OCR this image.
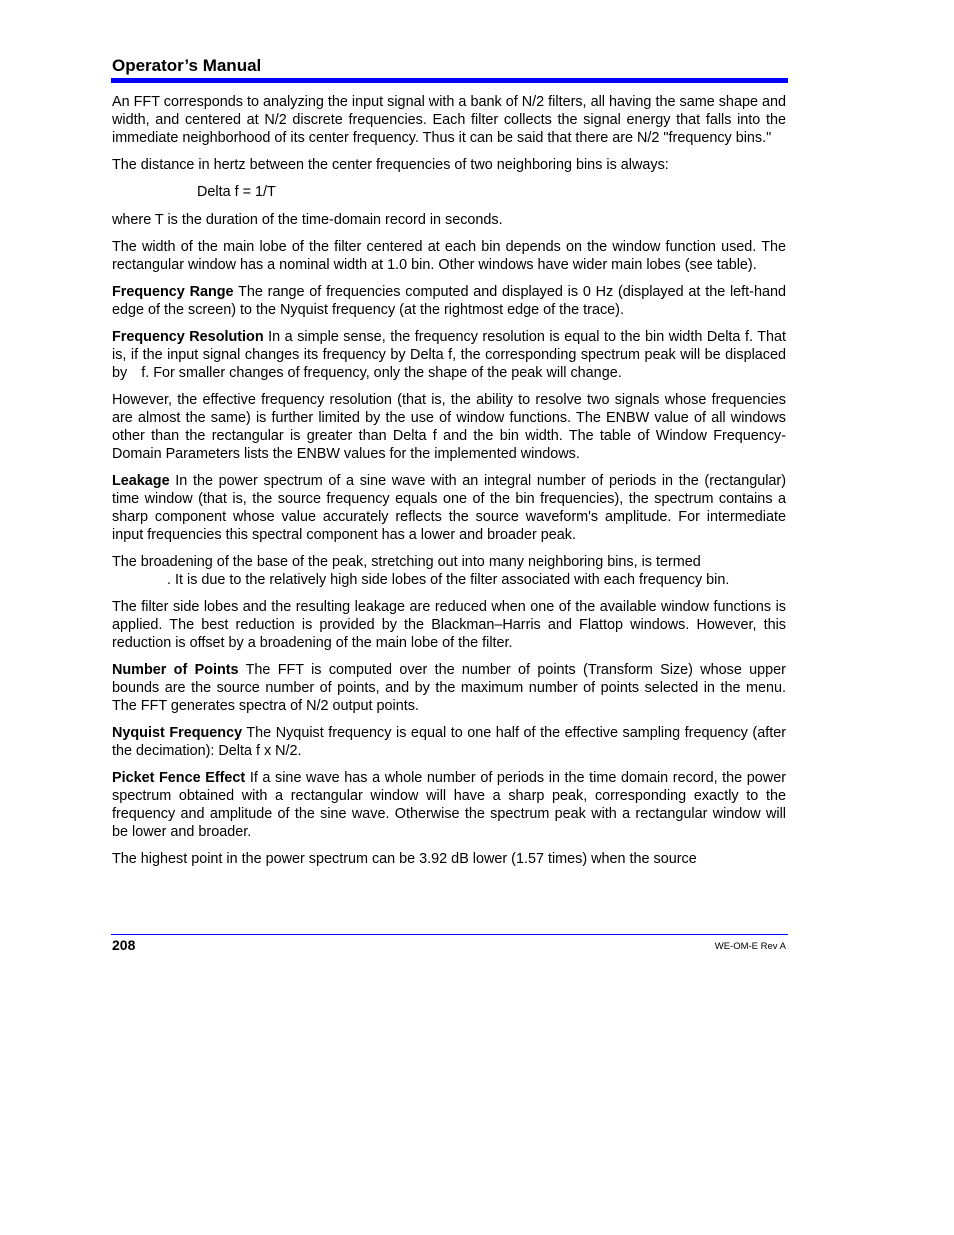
Operator’s Manual

An FFT corresponds to analyzing the input signal with a bank of N/2 filters, all having the same shape and width, and centered at N/2 discrete frequencies. Each filter collects the signal energy that falls into the immediate neighborhood of its center frequency. Thus it can be said that there are N/2 "frequency bins."

The distance in hertz between the center frequencies of two neighboring bins is always:

Delta f = 1/T

where T is the duration of the time-domain record in seconds.

The width of the main lobe of the filter centered at each bin depends on the window function used. The rectangular window has a nominal width at 1.0 bin. Other windows have wider main lobes (see table).

Frequency Range The range of frequencies computed and displayed is 0 Hz (displayed at the left-hand edge of the screen) to the Nyquist frequency (at the rightmost edge of the trace).

Frequency Resolution In a simple sense, the frequency resolution is equal to the bin width Delta f. That is, if the input signal changes its frequency by Delta f, the corresponding spectrum peak will be displaced by f. For smaller changes of frequency, only the shape of the peak will change.

However, the effective frequency resolution (that is, the ability to resolve two signals whose frequencies are almost the same) is further limited by the use of window functions. The ENBW value of all windows other than the rectangular is greater than Delta f and the bin width. The table of Window Frequency-Domain Parameters lists the ENBW values for the implemented windows.

Leakage In the power spectrum of a sine wave with an integral number of periods in the (rectangular) time window (that is, the source frequency equals one of the bin frequencies), the spectrum contains a sharp component whose value accurately reflects the source waveform's amplitude. For intermediate input frequencies this spectral component has a lower and broader peak.

The broadening of the base of the peak, stretching out into many neighboring bins, is termed
. It is due to the relatively high side lobes of the filter associated with each frequency bin.

The filter side lobes and the resulting leakage are reduced when one of the available window functions is applied. The best reduction is provided by the Blackman–Harris and Flattop windows. However, this reduction is offset by a broadening of the main lobe of the filter.

Number of Points The FFT is computed over the number of points (Transform Size) whose upper bounds are the source number of points, and by the maximum number of points selected in the menu. The FFT generates spectra of N/2 output points.

Nyquist Frequency The Nyquist frequency is equal to one half of the effective sampling frequency (after the decimation): Delta f x N/2.

Picket Fence Effect If a sine wave has a whole number of periods in the time domain record, the power spectrum obtained with a rectangular window will have a sharp peak, corresponding exactly to the frequency and amplitude of the sine wave. Otherwise the spectrum peak with a rectangular window will be lower and broader.

The highest point in the power spectrum can be 3.92 dB lower (1.57 times) when the source

208	WE-OM-E Rev A
